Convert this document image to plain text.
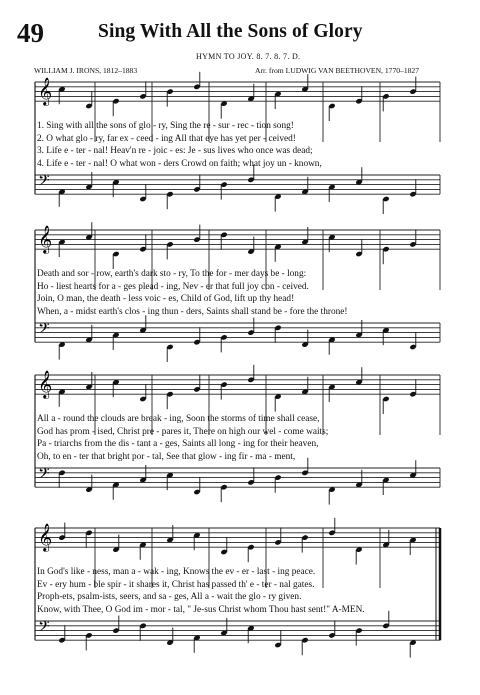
49	Sing With All the Sons of Glory
HYMN TO JOY. 8. 7. 8. 7. D.
WILLIAM J. IRONS, 1812–1883	Arr. from LUDWIG VAN BEETHOVEN, 1770–1827
𝄞
𝄢
𝄞
𝄢
𝄞
𝄢
𝄞
𝄢
1. Sing with all the sons of glo - ry, Sing the re - sur - rec - tion song!
2. O what glo - ry, far ex - ceed - ing All that eye has yet per - ceived!
3. Life e - ter - nal! Heav'n re - joic - es: Je - sus lives who once was dead;
4. Life e - ter - nal! O what won - ders Crowd on faith; what joy un - known,
Death and sor - row, earth's dark sto - ry, To the for - mer days be - long:
Ho - liest hearts for a - ges plead - ing, Nev - er that full joy con - ceived.
Join, O man, the death - less voic - es, Child of God, lift up thy head!
When, a - midst earth's clos - ing thun - ders, Saints shall stand be - fore the throne!
All a - round the clouds are break - ing, Soon the storms of time shall cease,
God has prom - ised, Christ pre - pares it, There on high our wel - come waits;
Pa - triarchs from the dis - tant a - ges, Saints all long - ing for their heaven,
Oh, to en - ter that bright por - tal, See that glow - ing fir - ma - ment,
In God's like - ness, man a - wak - ing, Knows the ev - er - last - ing peace.
Ev - ery hum - ble spir - it shares it, Christ has passed th' e - ter - nal gates.
Proph-ets, psalm-ists, seers, and sa - ges, All a - wait the glo - ry given.
Know, with Thee, O God im - mor - tal, " Je-sus Christ whom Thou hast sent!" A-MEN.
